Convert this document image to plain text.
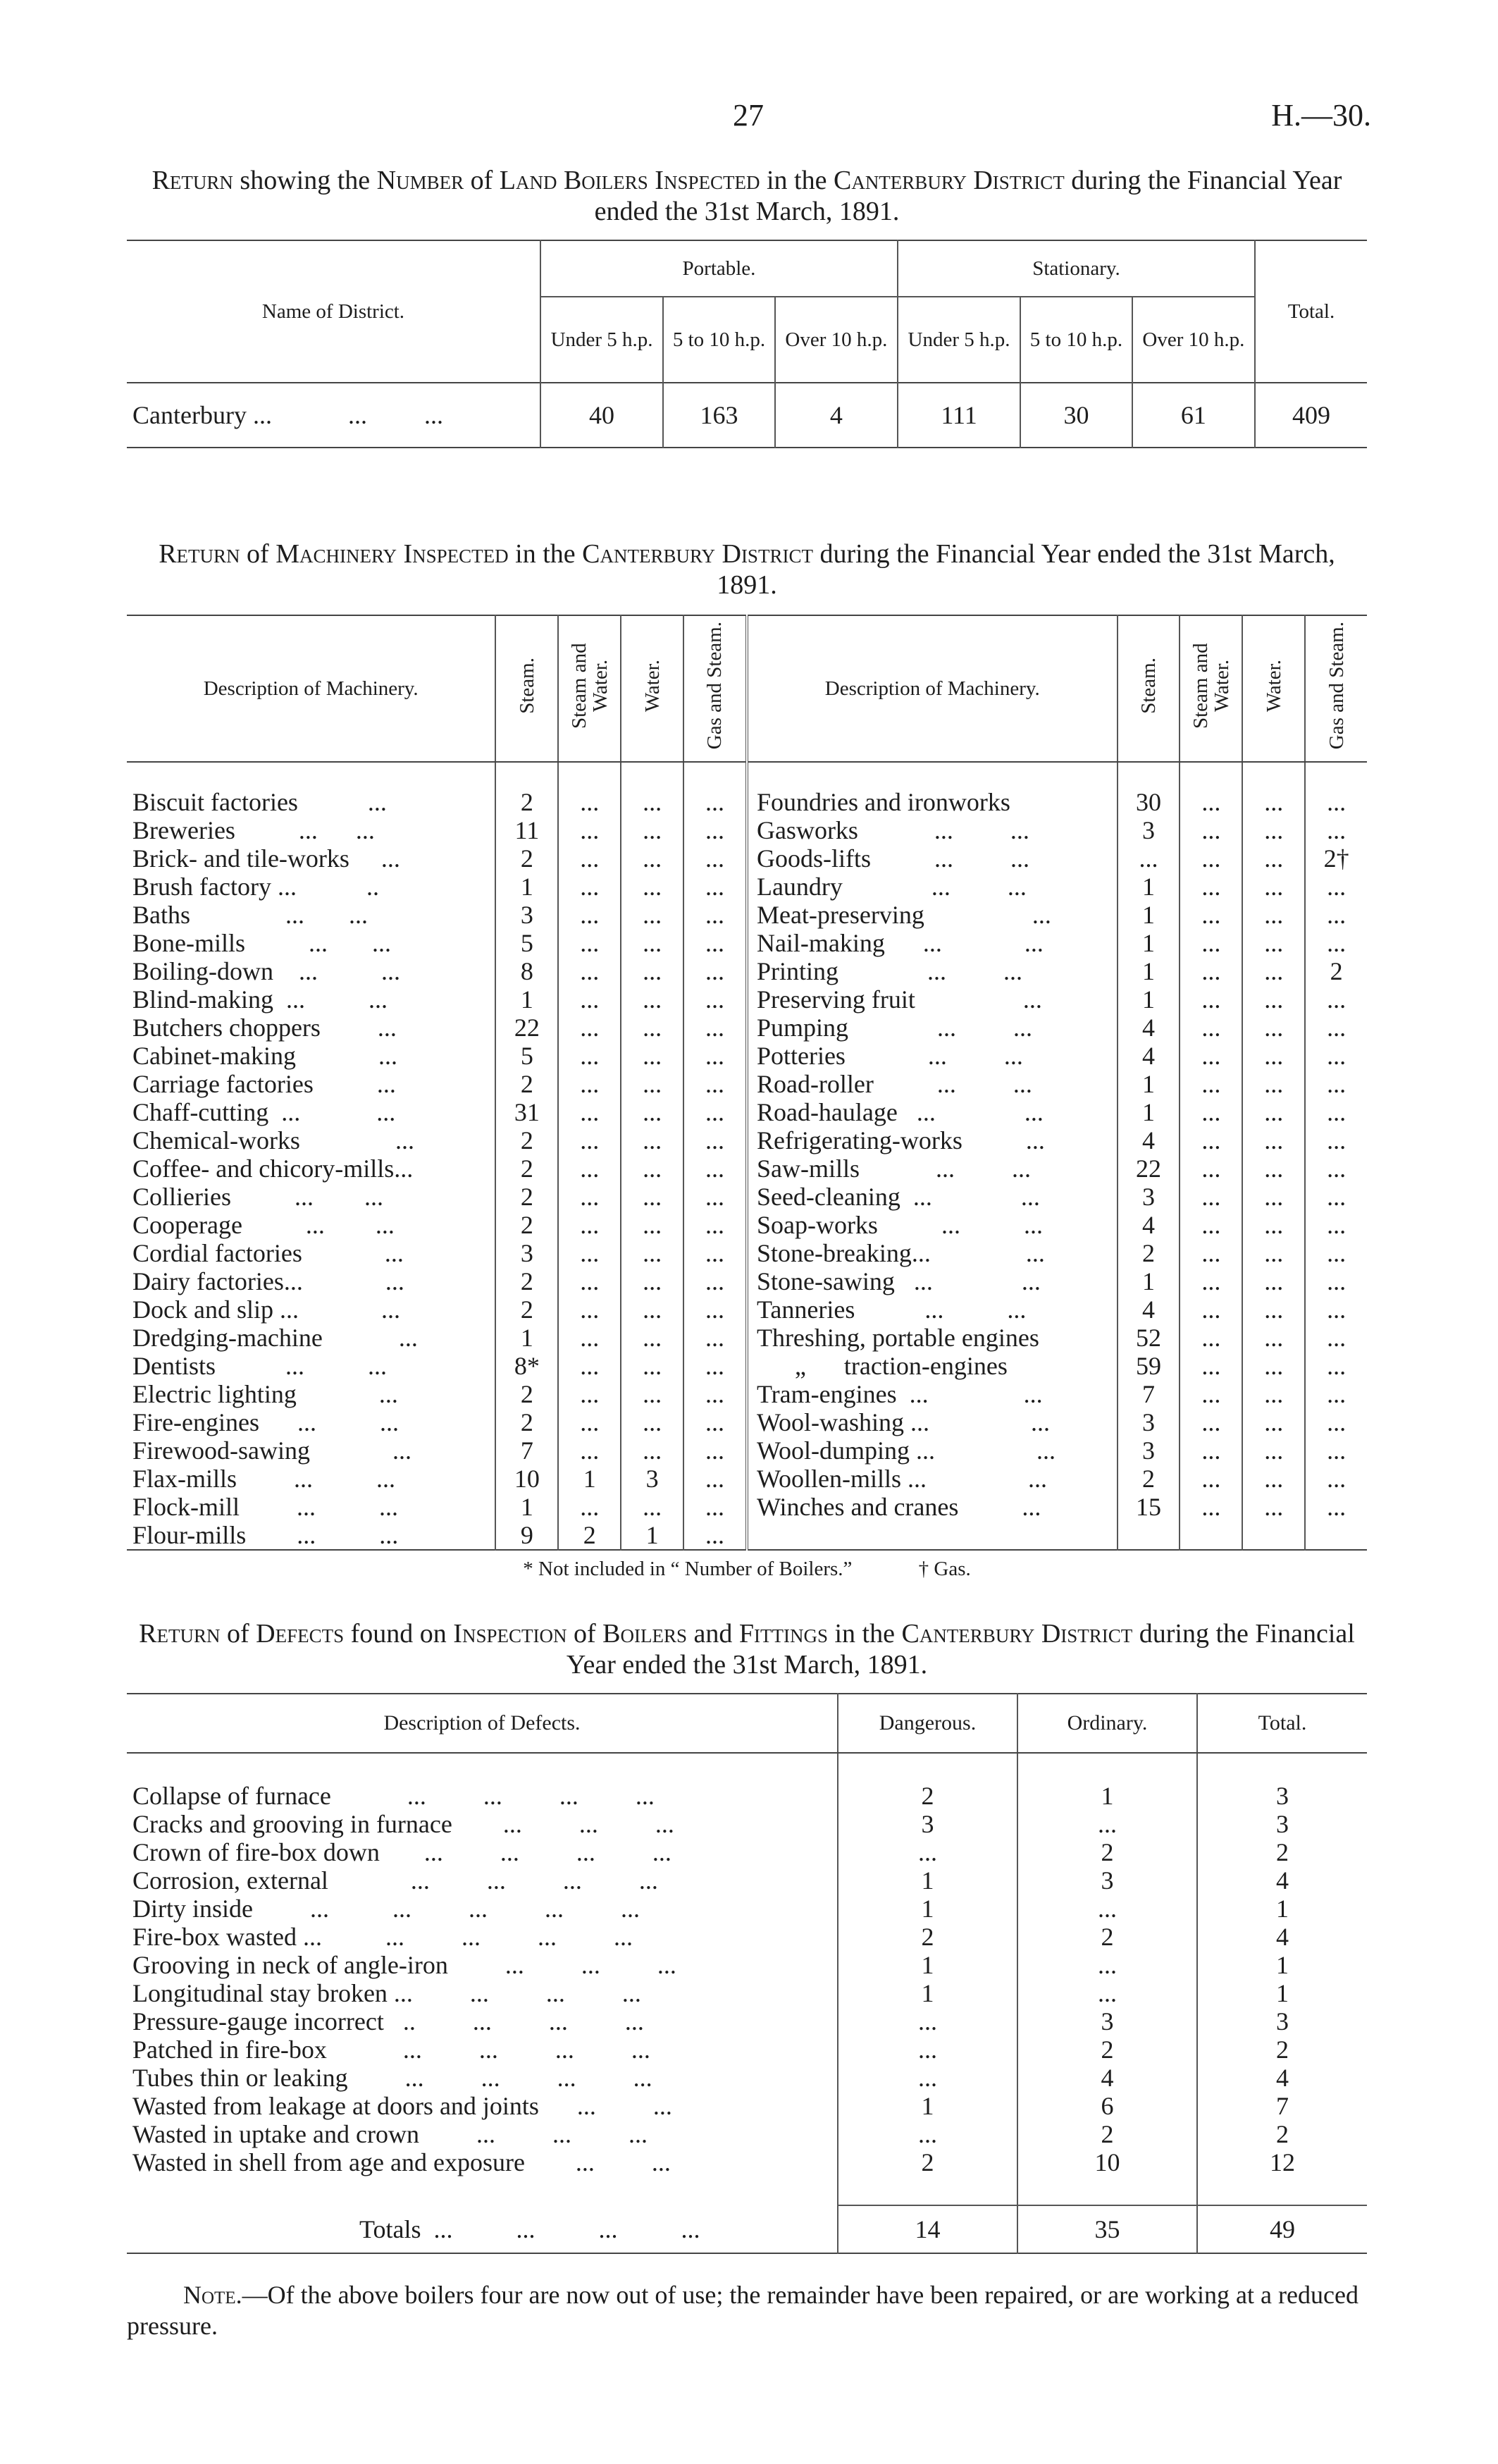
27	H.—30.
Return showing the Number of Land Boilers Inspected in the Canterbury District during the Financial Year ended the 31st March, 1891.
Name of District.	Portable.			Stationary.			Total.
	Under 5 h.p.	5 to 10 h.p.	Over 10 h.p.	Under 5 h.p.	5 to 10 h.p.	Over 10 h.p.	
Canterbury ...            ...         ...	40	163	4	111	30	61	409
Return of Machinery Inspected in the Canterbury District during the Financial Year ended the 31st March, 1891.
Description of Machinery.	Steam.	Steam and Water.	Water.	Gas and Steam.	Description of Machinery.	Steam.	Steam and Water.	Water.	Gas and Steam.

Biscuit factories           ...	2	...	...	...	Foundries and ironworks	30	...	...	...
Breweries          ...      ...	11	...	...	...	Gasworks            ...         ...	3	...	...	...
Brick- and tile-works     ...	2	...	...	...	Goods-lifts          ...         ...	...	...	...	2†
Brush factory ...           ..	1	...	...	...	Laundry              ...         ...	1	...	...	...
Baths               ...       ...	3	...	...	...	Meat-preserving                 ...	1	...	...	...
Bone-mills          ...       ...	5	...	...	...	Nail-making      ...             ...	1	...	...	...
Boiling-down    ...          ...	8	...	...	...	Printing              ...         ...	1	...	...	2
Blind-making  ...          ...	1	...	...	...	Preserving fruit                 ...	1	...	...	...
Butchers choppers         ...	22	...	...	...	Pumping              ...         ...	4	...	...	...
Cabinet-making             ...	5	...	...	...	Potteries             ...         ...	4	...	...	...
Carriage factories          ...	2	...	...	...	Road-roller          ...         ...	1	...	...	...
Chaff-cutting  ...            ...	31	...	...	...	Road-haulage   ...              ...	1	...	...	...
Chemical-works               ...	2	...	...	...	Refrigerating-works          ...	4	...	...	...
Coffee- and chicory-mills...	2	...	...	...	Saw-mills            ...         ...	22	...	...	...
Collieries          ...        ...	2	...	...	...	Seed-cleaning  ...              ...	3	...	...	...
Cooperage          ...        ...	2	...	...	...	Soap-works          ...          ...	4	...	...	...
Cordial factories             ...	3	...	...	...	Stone-breaking...               ...	2	...	...	...
Dairy factories...             ...	2	...	...	...	Stone-sawing   ...              ...	1	...	...	...
Dock and slip ...             ...	2	...	...	...	Tanneries           ...          ...	4	...	...	...
Dredging-machine            ...	1	...	...	...	Threshing, portable engines	52	...	...	...
Dentists           ...          ...	8*	...	...	...	„      traction-engines	59	...	...	...
Electric lighting             ...	2	...	...	...	Tram-engines  ...               ...	7	...	...	...
Fire-engines      ...          ...	2	...	...	...	Wool-washing ...                ...	3	...	...	...
Firewood-sawing             ...	7	...	...	...	Wool-dumping ...                ...	3	...	...	...
Flax-mills         ...          ...	10	1	3	...	Woollen-mills ...                ...	2	...	...	...
Flock-mill         ...          ...	1	...	...	...	Winches and cranes          ...	15	...	...	...
Flour-mills        ...          ...	9	2	1	...					
* Not included in “ Number of Boilers.”             † Gas.
Return of Defects found on Inspection of Boilers and Fittings in the Canterbury District during the Financial Year ended the 31st March, 1891.
Description of Defects.	Dangerous.	Ordinary.	Total.

Collapse of furnace            ...         ...         ...         ...	2	1	3
Cracks and grooving in furnace        ...         ...         ...	3	...	3
Crown of fire-box down       ...         ...         ...         ...	...	2	2
Corrosion, external             ...         ...         ...         ...	1	3	4
Dirty inside         ...          ...         ...         ...         ...	1	...	1
Fire-box wasted ...          ...         ...         ...         ...	2	2	4
Grooving in neck of angle-iron         ...         ...         ...	1	...	1
Longitudinal stay broken ...         ...         ...         ...	1	...	1
Pressure-gauge incorrect   ..         ...         ...         ...	...	3	3
Patched in fire-box            ...         ...         ...         ...	...	2	2
Tubes thin or leaking         ...         ...         ...         ...	...	4	4
Wasted from leakage at doors and joints      ...         ...	1	6	7
Wasted in uptake and crown         ...         ...         ...	...	2	2
Wasted in shell from age and exposure        ...         ...	2	10	12

Totals  ...          ...          ...          ...	14	35	49
Note.—Of the above boilers four are now out of use; the remainder have been repaired, or are working at a reduced pressure.
